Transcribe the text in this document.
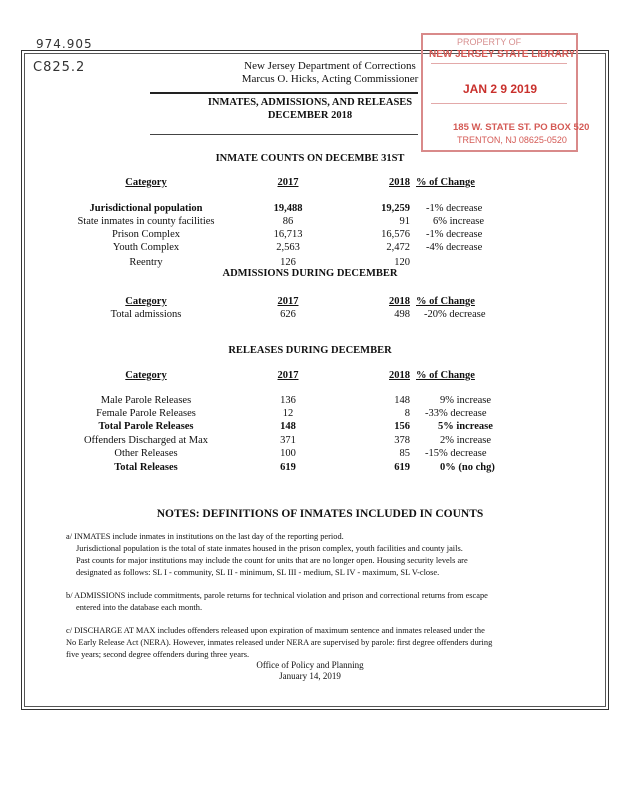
974.905
C825.2
PROPERTY OF
NEW JERSEY STATE LIBRARY
JAN 2 9 2019
185 W. STATE ST. PO BOX 520
TRENTON, NJ 08625-0520
New Jersey Department of Corrections
Marcus O. Hicks, Acting Commissioner
INMATES, ADMISSIONS, AND RELEASES
DECEMBER 2018
INMATE COUNTS ON DECEMBE 31ST
Category	2017	2018 % of Change
Jurisdictional population	19,488	19,259 -1% decrease
State inmates in county facilities	86	91 6% increase
Prison Complex	16,713	16,576 -1% decrease
Youth Complex	2,563	2,472 -4% decrease
Reentry	126	120
ADMISSIONS DURING DECEMBER
Category	2017	2018 % of Change
Total admissions	626	498 -20% decrease
RELEASES DURING DECEMBER
Category	2017	2018 % of Change
Male Parole Releases	136	148	9% increase
Female Parole Releases	12	8 -33% decrease
Total Parole Releases	148	156	5% increase
Offenders Discharged at Max	371	378	2% increase
Other Releases	100	85 -15% decrease
Total Releases	619	619	0% (no chg)
NOTES: DEFINITIONS OF INMATES INCLUDED IN COUNTS
a/ INMATES include inmates in institutions on the last day of the reporting period.
Jurisdictional population is the total of state inmates housed in the prison complex, youth facilities and county jails.
Past counts for major institutions may include the count for units that are no longer open. Housing security levels are
designated as follows: SL I - community, SL II - minimum, SL III - medium, SL IV - maximum, SL V-close.
b/ ADMISSIONS include commitments, parole returns for technical violation and prison and correctional returns from escape
entered into the database each month.
c/ DISCHARGE AT MAX includes offenders released upon expiration of maximum sentence and inmates released under the
No Early Release Act (NERA). However, inmates released under NERA are supervised by parole: first degree offenders during
five years; second degree offenders during three years.
Office of Policy and Planning
January 14, 2019
